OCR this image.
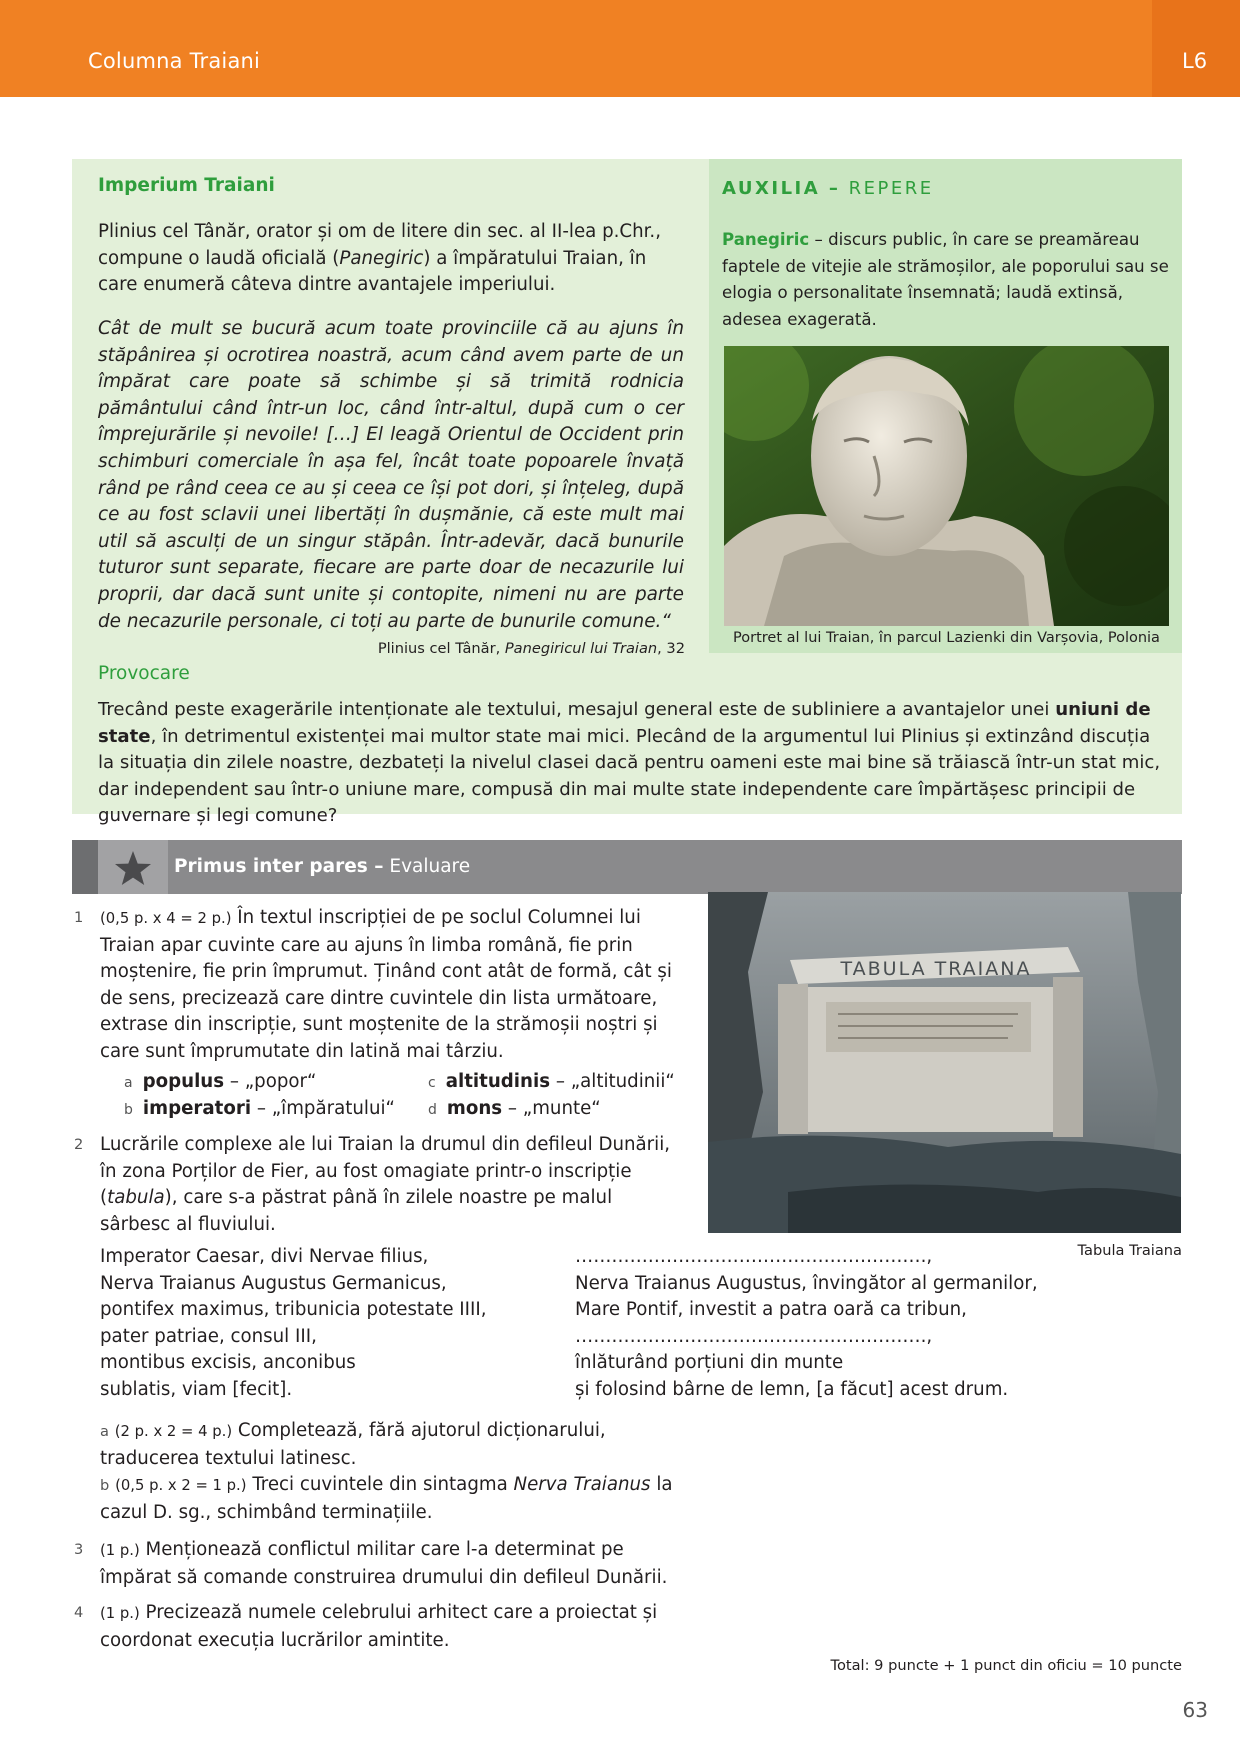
Columna Traiani	L6
Imperium Traiani
Plinius cel Tânăr, orator și om de litere din sec. al II-lea p.Chr., compune o laudă oficială (Panegiric) a împăratului Traian, în care enumeră câteva dintre avantajele imperiului.
Cât de mult se bucură acum toate provinciile că au ajuns în stăpânirea și ocrotirea noastră, acum când avem parte de un împărat care poate să schimbe și să trimită rodnicia pământului când într-un loc, când într-altul, după cum o cer împrejurările și nevoile! […] El leagă Orientul de Occident prin schimburi comerciale în așa fel, încât toate popoarele învață rând pe rând ceea ce au și ceea ce își pot dori, și înțeleg, după ce au fost sclavii unei libertăți în dușmănie, că este mult mai util să asculți de un singur stăpân. Într-adevăr, dacă bunurile tuturor sunt separate, fiecare are parte doar de necazurile lui proprii, dar dacă sunt unite și contopite, nimeni nu are parte de necazurile personale, ci toți au parte de bunurile comune.“
Plinius cel Tânăr, Panegiricul lui Traian, 32
AUXILIA – REPERE
Panegiric – discurs public, în care se preamăreau faptele de vitejie ale strămoșilor, ale poporului sau se elogia o personalitate însemnată; laudă extinsă, adesea exagerată.
Portret al lui Traian, în parcul Lazienki din Varșovia, Polonia
Provocare
Trecând peste exagerările intenționate ale textului, mesajul general este de subliniere a avantajelor unei uniuni de state, în detrimentul existenței mai multor state mai mici. Plecând de la argumentul lui Plinius și extinzând discuția la situația din zilele noastre, dezbateți la nivelul clasei dacă pentru oameni este mai bine să trăiască într-un stat mic, dar independent sau într-o uniune mare, compusă din mai multe state independente care împărtășesc principii de guvernare și legi comune?
Primus inter pares – Evaluare
TABULA TRAIANA
Tabula Traiana
1 (0,5 p. x 4 = 2 p.) În textul inscripției de pe soclul Columnei lui Traian apar cuvinte care au ajuns în limba română, fie prin moștenire, fie prin împrumut. Ținând cont atât de formă, cât și de sens, precizează care dintre cuvintele din lista următoare, extrase din inscripție, sunt moștenite de la strămoșii noștri și care sunt împrumutate din latină mai târziu.
a populus – „popor“
b imperatori – „împăratului“
c altitudinis – „altitudinii“
d mons – „munte“
2 Lucrările complexe ale lui Traian la drumul din defileul Dunării, în zona Porților de Fier, au fost omagiate printr-o inscripție (tabula), care s-a păstrat până în zilele noastre pe malul sârbesc al fluviului.
Imperator Caesar, divi Nervae filius,
Nerva Traianus Augustus Germanicus,
pontifex maximus, tribunicia potestate IIII,
pater patriae, consul III,
montibus excisis, anconibus
sublatis, viam [fecit].
………………………………………………….,
Nerva Traianus Augustus, învingător al germanilor,
Mare Pontif, investit a patra oară ca tribun,
………………………………………………….,
înlăturând porțiuni din munte
și folosind bârne de lemn, [a făcut] acest drum.
a (2 p. x 2 = 4 p.) Completează, fără ajutorul dicționarului, traducerea textului latinesc.
b (0,5 p. x 2 = 1 p.) Treci cuvintele din sintagma Nerva Traianus la cazul D. sg., schimbând terminațiile.
3 (1 p.) Menționează conflictul militar care l-a determinat pe împărat să comande construirea drumului din defileul Dunării.
4 (1 p.) Precizează numele celebrului arhitect care a proiectat și coordonat execuția lucrărilor amintite.
Total: 9 puncte + 1 punct din oficiu = 10 puncte
63
